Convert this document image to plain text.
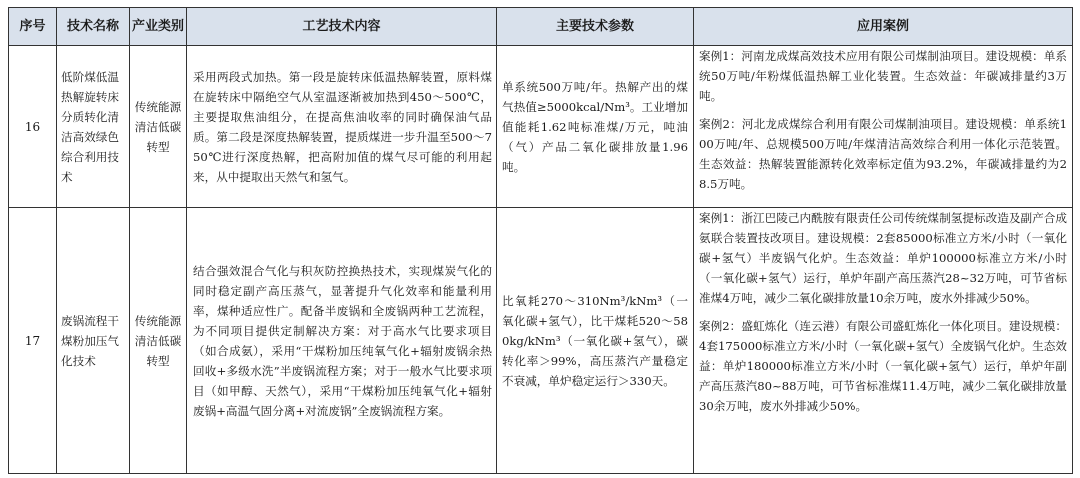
序号	技术名称	产业类别	工艺技术内容	主要技术参数	应用案例
16	低阶煤低温热解旋转床分质转化清洁高效绿色综合利用技术	传统能源清洁低碳转型	采用两段式加热。第一段是旋转床低温热解装置，原料煤在旋转床中隔绝空气从室温逐渐被加热到450～500℃，主要提取焦油组分，在提高焦油收率的同时确保油气品质。第二段是深度热解装置，提质煤进一步升温至500～750℃进行深度热解，把高附加值的煤气尽可能的利用起来，从中提取出天然气和氢气。	单系统500万吨/年。热解产出的煤气热值≥5000kcal/Nm³。工业增加值能耗1.62吨标准煤/万元，吨油（气）产品二氧化碳排放量1.96吨。	案例1：河南龙成煤高效技术应用有限公司煤制油项目。建设规模：单系统50万吨/年粉煤低温热解工业化装置。生态效益：年碳减排量约3万吨。
案例2：河北龙成煤综合利用有限公司煤制油项目。建设规模：单系统100万吨/年、总规模500万吨/年煤清洁高效综合利用一体化示范装置。生态效益：热解装置能源转化效率标定值为93.2%，年碳减排量约为28.5万吨。

17	废锅流程干煤粉加压气化技术	传统能源清洁低碳转型	结合强效混合气化与积灰防控换热技术，实现煤炭气化的同时稳定副产高压蒸气，显著提升气化效率和能量利用率，煤种适应性广。配备半废锅和全废锅两种工艺流程，为不同项目提供定制解决方案：对于高水气比要求项目（如合成氨），采用“干煤粉加压纯氧气化+辐射废锅余热回收+多级水洗”半废锅流程方案；对于一般水气比要求项目（如甲醇、天然气），采用“干煤粉加压纯氧气化+辐射废锅+高温气固分离+对流废锅”全废锅流程方案。	比氧耗270～310Nm³/kNm³（一氧化碳+氢气），比干煤耗520～580kg/kNm³（一氧化碳+氢气），碳转化率＞99%，高压蒸汽产量稳定不衰减，单炉稳定运行＞330天。	案例1：浙江巴陵己内酰胺有限责任公司传统煤制氢提标改造及副产合成氨联合装置技改项目。建设规模：2套85000标准立方米/小时（一氧化碳+氢气）半废锅气化炉。生态效益：单炉100000标准立方米/小时（一氧化碳+氢气）运行，单炉年副产高压蒸汽28~32万吨，可节省标准煤4万吨，减少二氧化碳排放量10余万吨，废水外排减少50%。
案例2：盛虹炼化（连云港）有限公司盛虹炼化一体化项目。建设规模：4套175000标准立方米/小时（一氧化碳+氢气）全废锅气化炉。生态效益：单炉180000标准立方米/小时（一氧化碳+氢气）运行，单炉年副产高压蒸汽80~88万吨，可节省标准煤11.4万吨，减少二氧化碳排放量30余万吨，废水外排减少50%。
